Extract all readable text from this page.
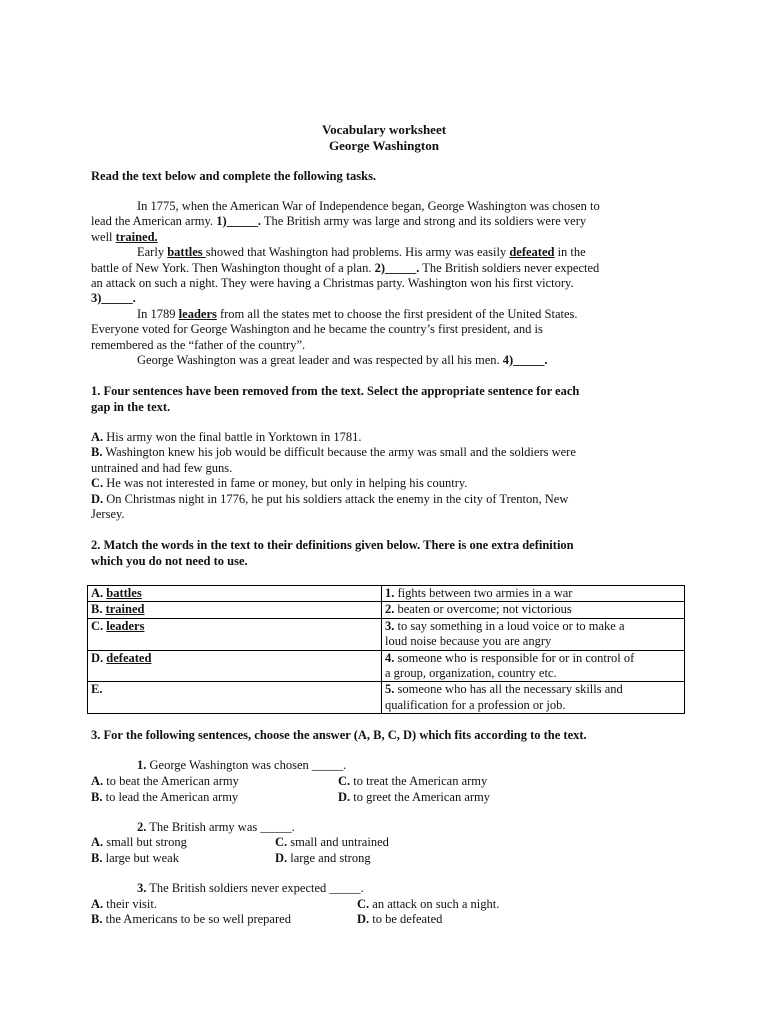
Vocabulary worksheet
George Washington
Read the text below and complete the following tasks.

In 1775, when the American War of Independence began, George Washington was chosen to

lead the American army. 1)_____. The British army was large and strong and its soldiers were very

well trained.

Early battles showed that Washington had problems. His army was easily defeated in the

battle of New York. Then Washington thought of a plan. 2)_____. The British soldiers never expected

an attack on such a night. They were having a Christmas party. Washington won his first victory.

3)_____.

In 1789 leaders from all the states met to choose the first president of the United States.

Everyone voted for George Washington and he became the country’s first president, and is

remembered as the “father of the country”.

George Washington was a great leader and was respected by all his men. 4)_____.

1. Four sentences have been removed from the text. Select the appropriate sentence for each
gap in the text.

A. His army won the final battle in Yorktown in 1781.

B. Washington knew his job would be difficult because the army was small and the soldiers were

untrained and had few guns.

C. He was not interested in fame or money, but only in helping his country.

D. On Christmas night in 1776, he put his soldiers attack the enemy in the city of Trenton, New

Jersey.

2. Match the words in the text to their definitions given below. There is one extra definition
which you do not need to use.
A. battles	1. fights between two armies in a war
B. trained	2. beaten or overcome; not victorious
C. leaders	3. to say something in a loud voice or to make a
loud noise because you are angry
D. defeated	4. someone who is responsible for or in control of
a group, organization, country etc.
E.	5. someone who has all the necessary skills and
qualification for a profession or job.
3. For the following sentences, choose the answer (A, B, C, D) which fits according to the text.
1. George Washington was chosen _____.
A. to beat the American army	C. to treat the American army
B. to lead the American army	D. to greet the American army
2. The British army was _____.
A. small but strong	C. small and untrained
B. large but weak	D. large and strong
3. The British soldiers never expected _____.
A. their visit.	C. an attack on such a night.
B. the Americans to be so well prepared	D. to be defeated
